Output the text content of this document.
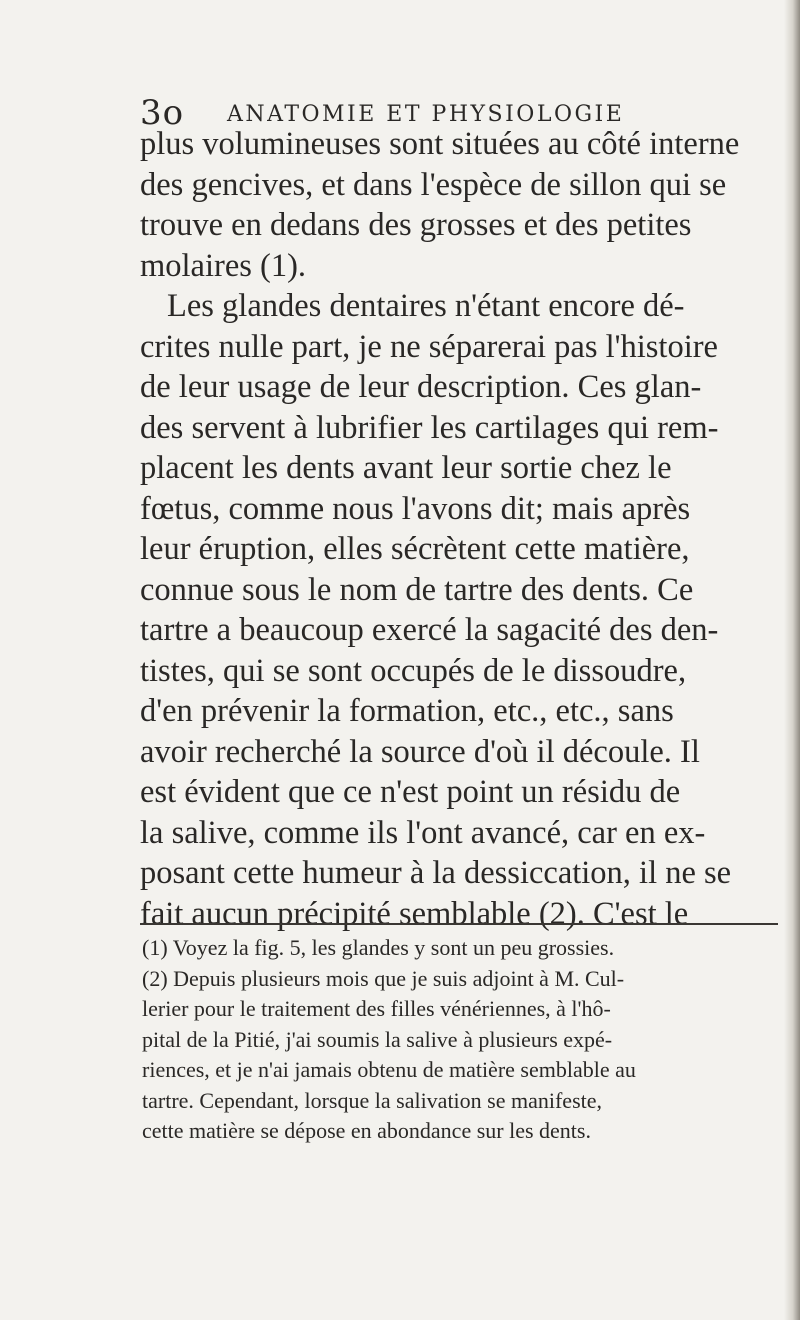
3o ANATOMIE ET PHYSIOLOGIE
plus volumineuses sont situées au côté interne
des gencives, et dans l'espèce de sillon qui se
trouve en dedans des grosses et des petites
molaires (1).
Les glandes dentaires n'étant encore dé-
crites nulle part, je ne séparerai pas l'histoire
de leur usage de leur description. Ces glan-
des servent à lubrifier les cartilages qui rem-
placent les dents avant leur sortie chez le
fœtus, comme nous l'avons dit; mais après
leur éruption, elles sécrètent cette matière,
connue sous le nom de tartre des dents. Ce
tartre a beaucoup exercé la sagacité des den-
tistes, qui se sont occupés de le dissoudre,
d'en prévenir la formation, etc., etc., sans
avoir recherché la source d'où il découle. Il
est évident que ce n'est point un résidu de
la salive, comme ils l'ont avancé, car en ex-
posant cette humeur à la dessiccation, il ne se
fait aucun précipité semblable (2). C'est le
(1) Voyez la fig. 5, les glandes y sont un peu grossies.
(2) Depuis plusieurs mois que je suis adjoint à M. Cul-
lerier pour le traitement des filles vénériennes, à l'hô-
pital de la Pitié, j'ai soumis la salive à plusieurs expé-
riences, et je n'ai jamais obtenu de matière semblable au
tartre. Cependant, lorsque la salivation se manifeste,
cette matière se dépose en abondance sur les dents.
